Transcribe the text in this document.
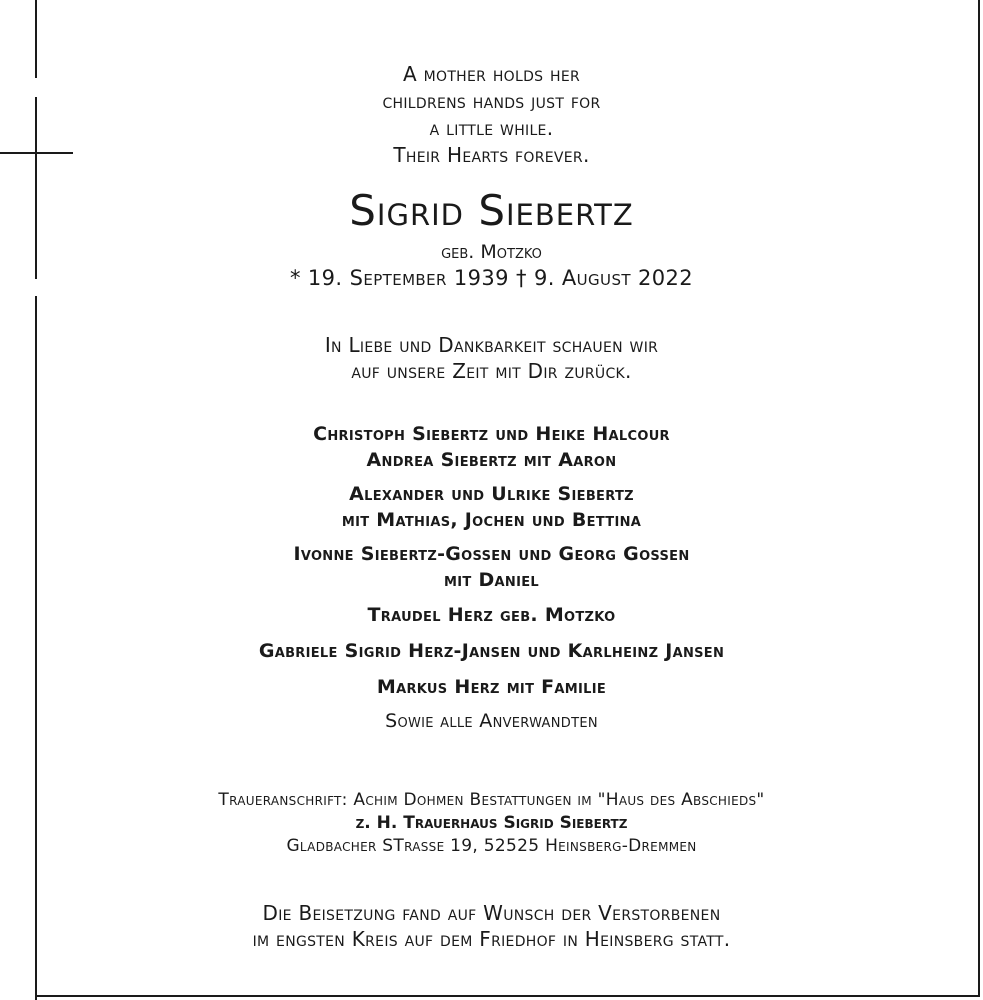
A mother holds her
childrens hands just for
a little while.
Their Hearts forever.
Sigrid Siebertz
geb. Motzko
* 19. September 1939 † 9. August 2022
In Liebe und Dankbarkeit schauen wir
auf unsere Zeit mit Dir zurück.
Christoph Siebertz und Heike Halcour
Andrea Siebertz mit Aaron
Alexander und Ulrike Siebertz
mit Mathias, Jochen und Bettina
Ivonne Siebertz-Gossen und Georg Gossen
mit Daniel
Traudel Herz geb. Motzko
Gabriele Sigrid Herz-Jansen und Karlheinz Jansen
Markus Herz mit Familie
Sowie alle Anverwandten
Traueranschrift: Achim Dohmen Bestattungen im "Haus des Abschieds"
z. H. Trauerhaus Sigrid Siebertz
Gladbacher STrasse 19, 52525 Heinsberg-Dremmen
Die Beisetzung fand auf Wunsch der Verstorbenen
im engsten Kreis auf dem Friedhof in Heinsberg statt.
